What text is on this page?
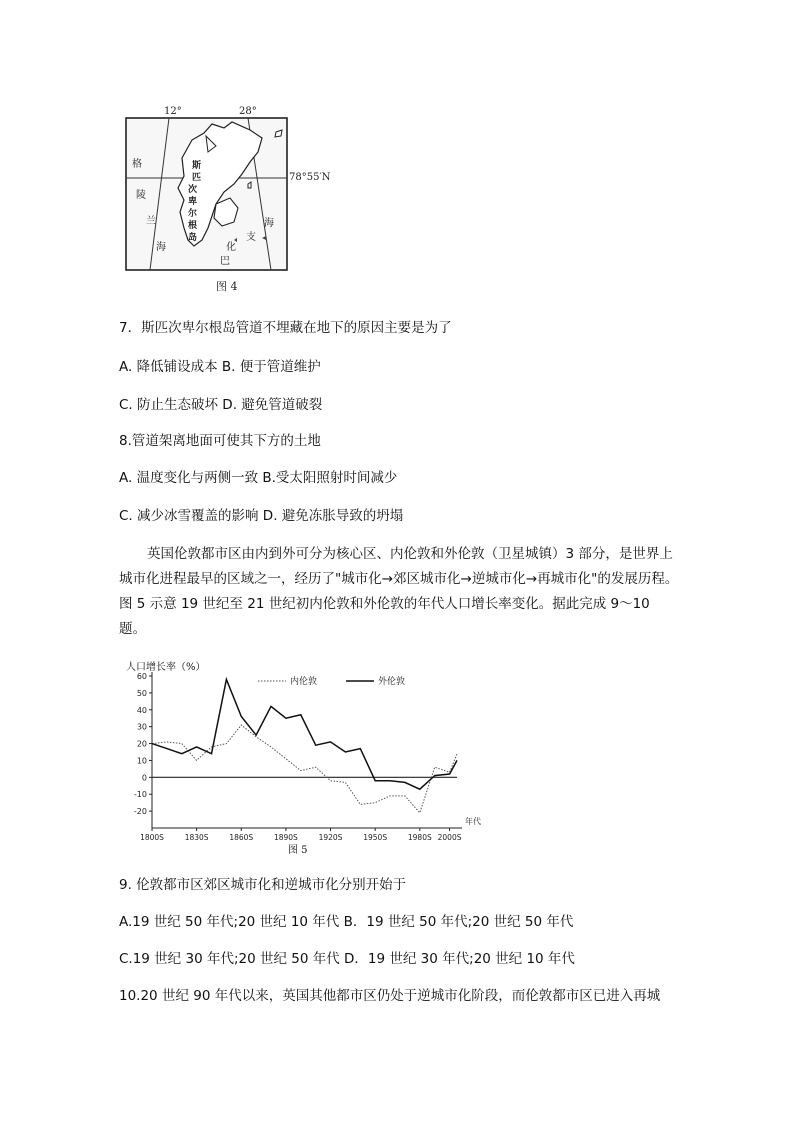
12°	28°
78°55′N
格
陵
兰
海
海
支
巴
化
斯
匹
次
卑
尔
根
岛
图 4
7．斯匹次卑尔根岛管道不埋藏在地下的原因主要是为了
A. 降低铺设成本 B. 便于管道维护
C. 防止生态破坏 D. 避免管道破裂
8.管道架离地面可使其下方的土地
A. 温度变化与两侧一致 B.受太阳照射时间减少
C. 减少冰雪覆盖的影响 D. 避免冻胀导致的坍塌
英国伦敦都市区由内到外可分为核心区、内伦敦和外伦敦（卫星城镇）3 部分，是世界上城市化进程最早的区域之一，经历了"城市化→郊区城市化→逆城市化→再城市化"的发展历程。图 5 示意 19 世纪至 21 世纪初内伦敦和外伦敦的年代人口增长率变化。据此完成 9～10 题。
人口增长率（%）
60
50
40
30
20
10
0
-10
-20
1800S	1830S	1860S	1890S	1920S	1950S	1980S 2000S
年代
内伦敦	外伦敦
图 5
9. 伦敦都市区郊区城市化和逆城市化分别开始于
A.19 世纪 50 年代;20 世纪 10 年代 B．19 世纪 50 年代;20 世纪 50 年代
C.19 世纪 30 年代;20 世纪 50 年代 D．19 世纪 30 年代;20 世纪 10 年代
10.20 世纪 90 年代以来，英国其他都市区仍处于逆城市化阶段，而伦敦都市区已进入再城
